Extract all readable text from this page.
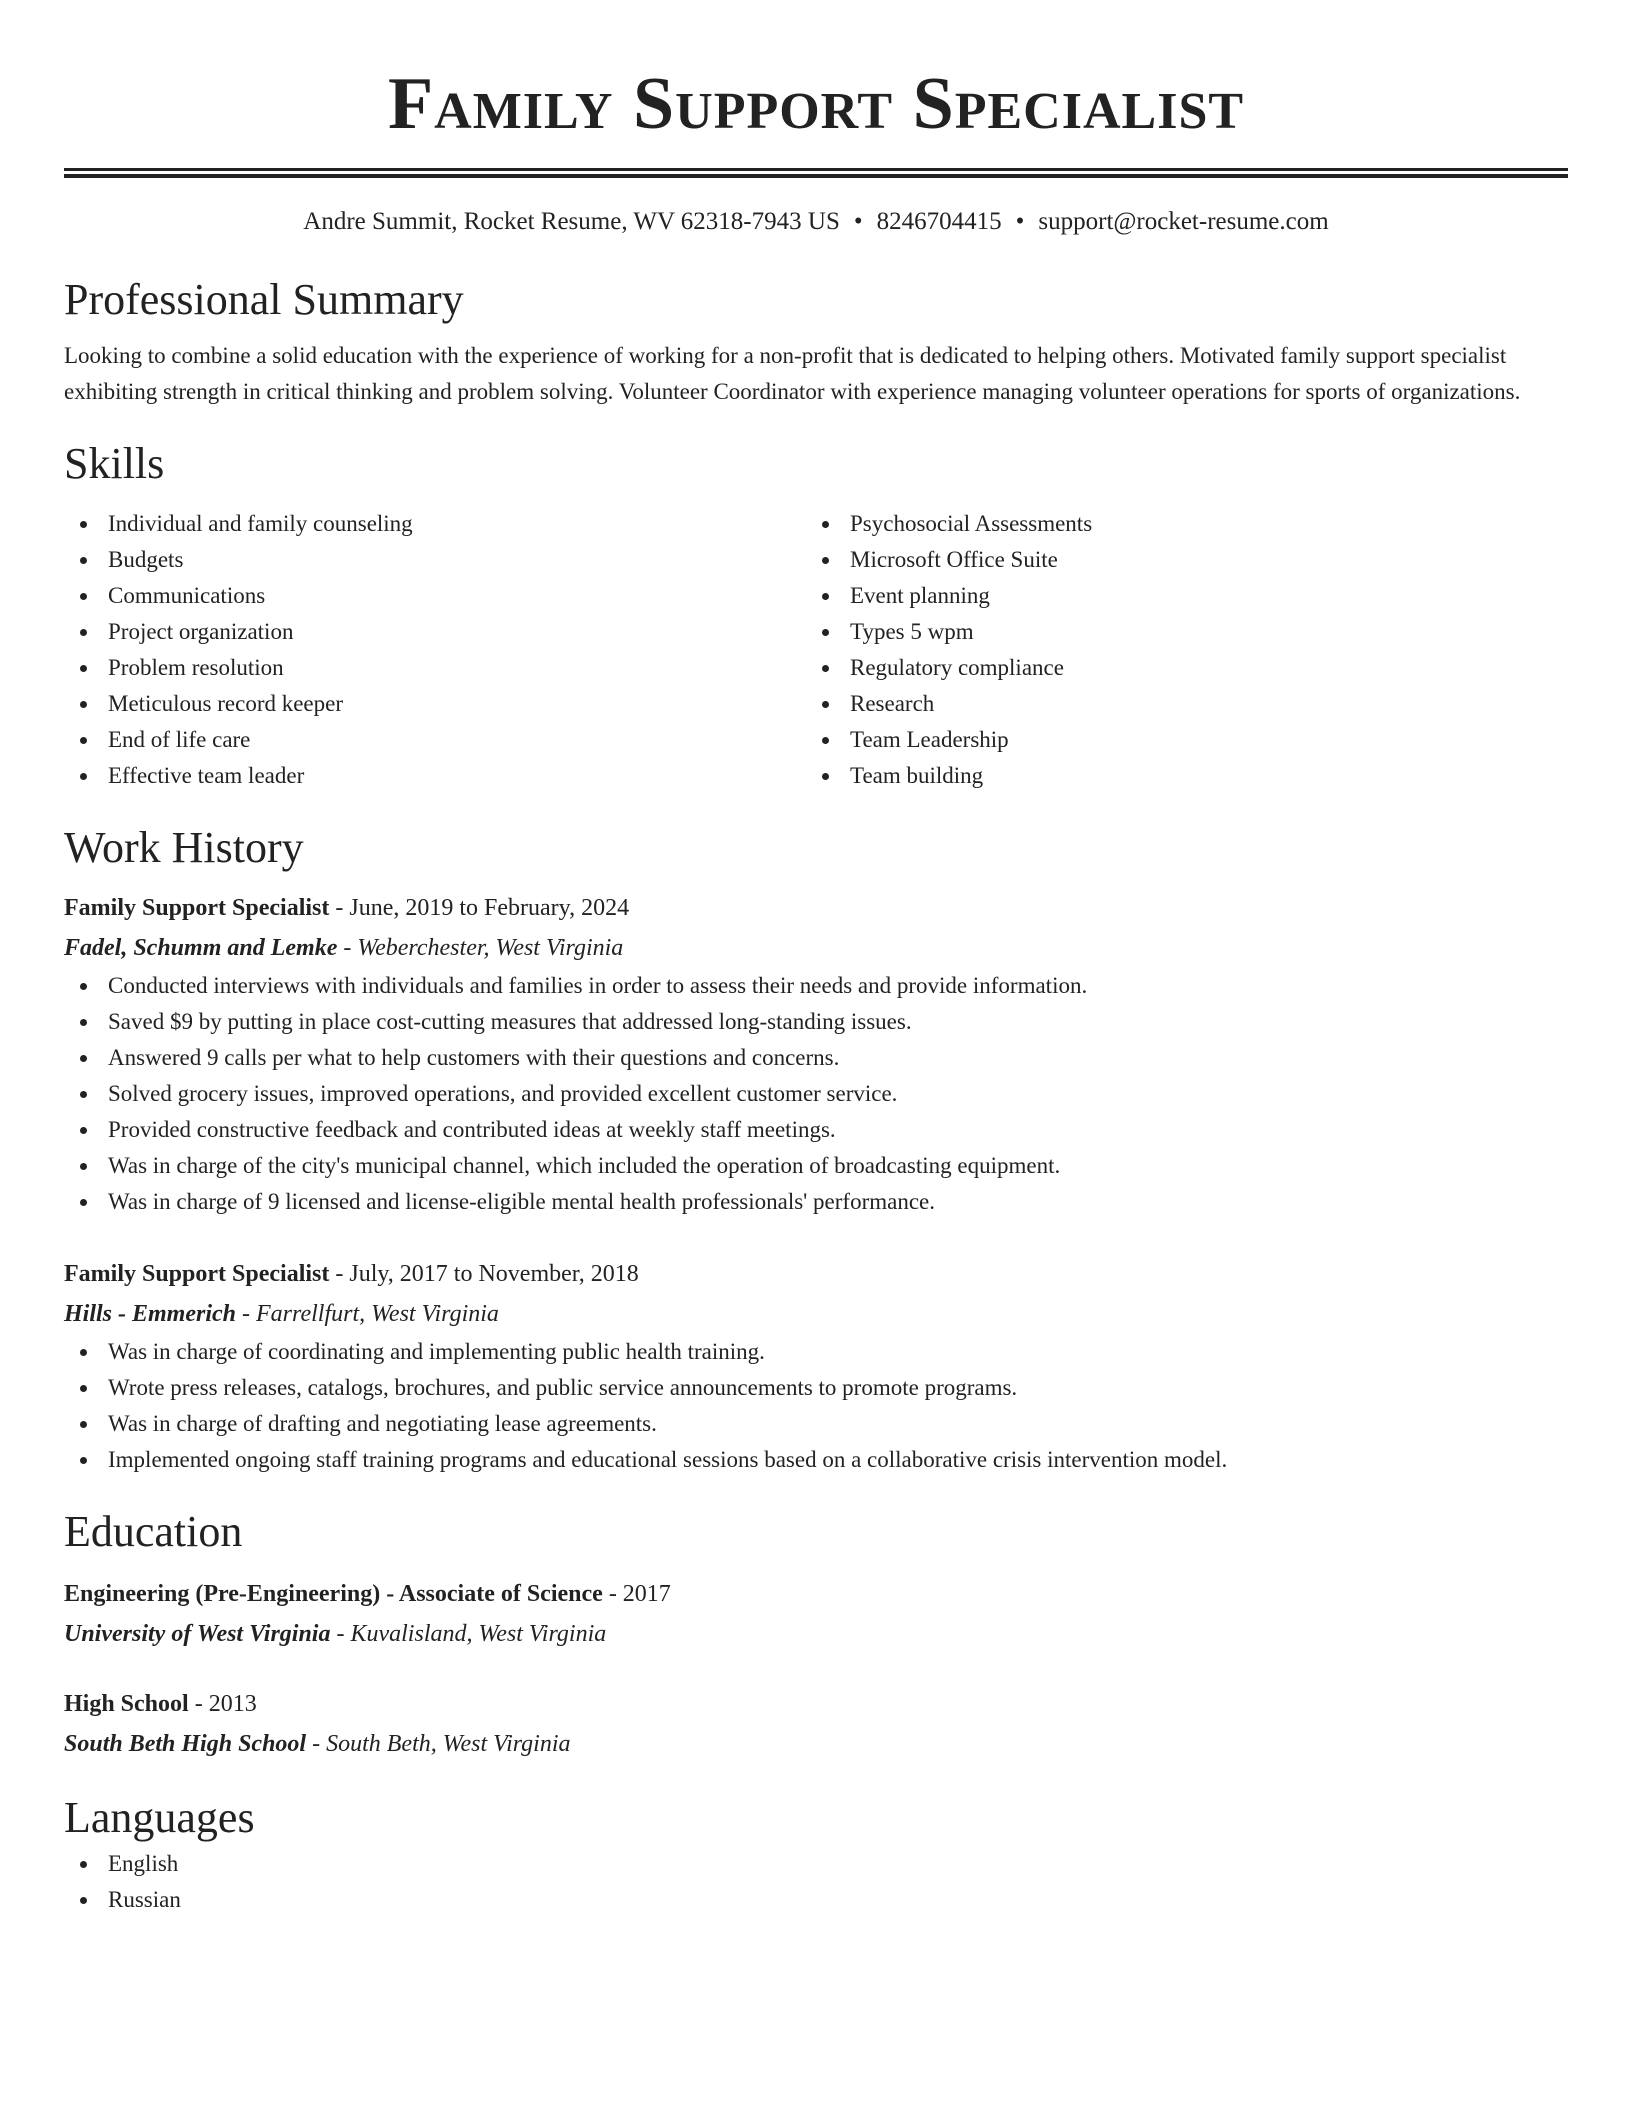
Family Support Specialist
Andre Summit, Rocket Resume, WV 62318-7943 US • 8246704415 • support@rocket-resume.com
Professional Summary

Looking to combine a solid education with the experience of working for a non-profit that is dedicated to helping others. Motivated family support specialist exhibiting strength in critical thinking and problem solving. Volunteer Coordinator with experience managing volunteer operations for sports of organizations.

Skills
Individual and family counseling
Budgets
Communications
Project organization
Problem resolution
Meticulous record keeper
End of life care
Effective team leader
Psychosocial Assessments
Microsoft Office Suite
Event planning
Types 5 wpm
Regulatory compliance
Research
Team Leadership
Team building
Work History
Family Support Specialist - June, 2019 to February, 2024
Fadel, Schumm and Lemke - Weberchester, West Virginia
Conducted interviews with individuals and families in order to assess their needs and provide information.
Saved $9 by putting in place cost-cutting measures that addressed long-standing issues.
Answered 9 calls per what to help customers with their questions and concerns.
Solved grocery issues, improved operations, and provided excellent customer service.
Provided constructive feedback and contributed ideas at weekly staff meetings.
Was in charge of the city's municipal channel, which included the operation of broadcasting equipment.
Was in charge of 9 licensed and license-eligible mental health professionals' performance.
Family Support Specialist - July, 2017 to November, 2018
Hills - Emmerich - Farrellfurt, West Virginia
Was in charge of coordinating and implementing public health training.
Wrote press releases, catalogs, brochures, and public service announcements to promote programs.
Was in charge of drafting and negotiating lease agreements.
Implemented ongoing staff training programs and educational sessions based on a collaborative crisis intervention model.
Education
Engineering (Pre-Engineering) - Associate of Science - 2017
University of West Virginia - Kuvalisland, West Virginia
High School - 2013
South Beth High School - South Beth, West Virginia
Languages
English
Russian
